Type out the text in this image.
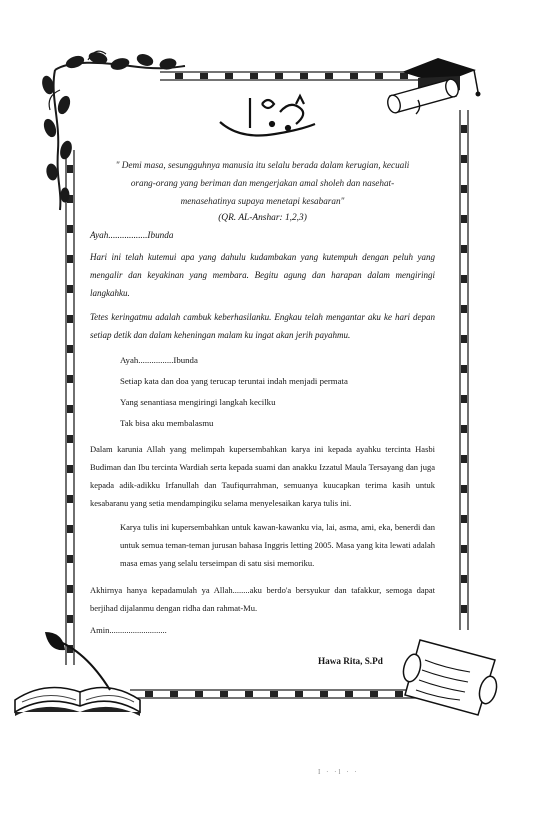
" Demi masa, sesungguhnya manusia itu selalu berada dalam kerugian, kecuali
orang-orang yang beriman dan mengerjakan amal sholeh dan nasehat-
menasehatinya supaya menetapi kesabaran"

(QR. AL-Anshar: 1,2,3)

Ayah.................Ibunda

Hari ini telah kutemui apa yang dahulu kudambakan yang kutempuh dengan peluh yang mengalir dan keyakinan yang membara. Begitu agung dan harapan dalam mengiringi langkahku.

Tetes keringatmu adalah cambuk keberhasilanku. Engkau telah mengantar aku ke hari depan setiap detik dan dalam keheningan malam ku ingat akan jerih payahmu.

Ayah................Ibunda
Setiap kata dan doa yang terucap teruntai indah menjadi permata
Yang senantiasa mengiringi langkah kecilku
Tak bisa aku membalasmu

Dalam karunia Allah yang melimpah kupersembahkan karya ini kepada ayahku tercinta Hasbi Budiman dan Ibu tercinta Wardiah serta kepada suami dan anakku Izzatul Maula Tersayang dan juga kepada adik-adikku Irfanullah dan Taufiqurrahman, semuanya kuucapkan terima kasih untuk kesabaranu yang setia mendampingiku selama menyelesaikan karya tulis ini.

Karya tulis ini kupersembahkan untuk kawan-kawanku via, lai, asma, ami, eka, benerdi dan untuk semua teman-teman jurusan bahasa Inggris letting 2005. Masa yang kita lewati adalah masa emas yang selalu terseimpan di satu sisi memoriku.

Akhirnya hanya kepadamulah ya Allah........aku berdo'a bersyukur dan tafakkur, semoga dapat berjihad dijalanmu dengan ridha dan rahmat-Mu.

Amin...........................

Hawa Rita, S.Pd
I · ·l · ·
